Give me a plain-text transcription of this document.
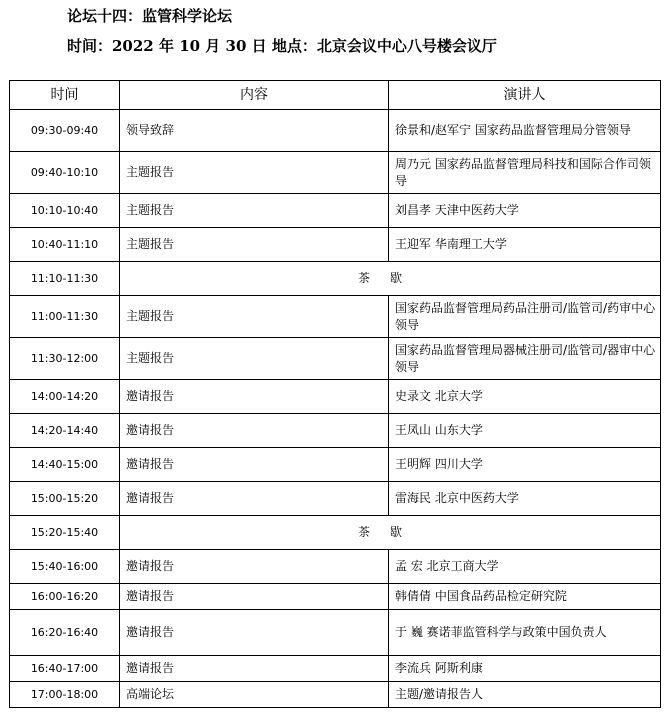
论坛十四：监管科学论坛
时间：2022 年 10 月 30 日 地点：北京会议中心八号楼会议厅
时间	内容	演讲人
09:30-09:40	领导致辞	徐景和/赵军宁 国家药品监督管理局分管领导
09:40-10:10	主题报告	周乃元 国家药品监督管理局科技和国际合作司领导
10:10-10:40	主题报告	刘昌孝 天津中医药大学
10:40-11:10	主题报告	王迎军 华南理工大学
11:10-11:30	茶歇	
11:00-11:30	主题报告	国家药品监督管理局药品注册司/监管司/药审中心领导
11:30-12:00	主题报告	国家药品监督管理局器械注册司/监管司/器审中心领导
14:00-14:20	邀请报告	史录文 北京大学
14:20-14:40	邀请报告	王凤山 山东大学
14:40-15:00	邀请报告	王明辉 四川大学
15:00-15:20	邀请报告	雷海民 北京中医药大学
15:20-15:40	茶歇	
15:40-16:00	邀请报告	孟 宏 北京工商大学
16:00-16:20	邀请报告	韩倩倩 中国食品药品检定研究院
16:20-16:40	邀请报告	于 巍 赛诺菲监管科学与政策中国负责人
16:40-17:00	邀请报告	李流兵 阿斯利康
17:00-18:00	高端论坛	主题/邀请报告人
